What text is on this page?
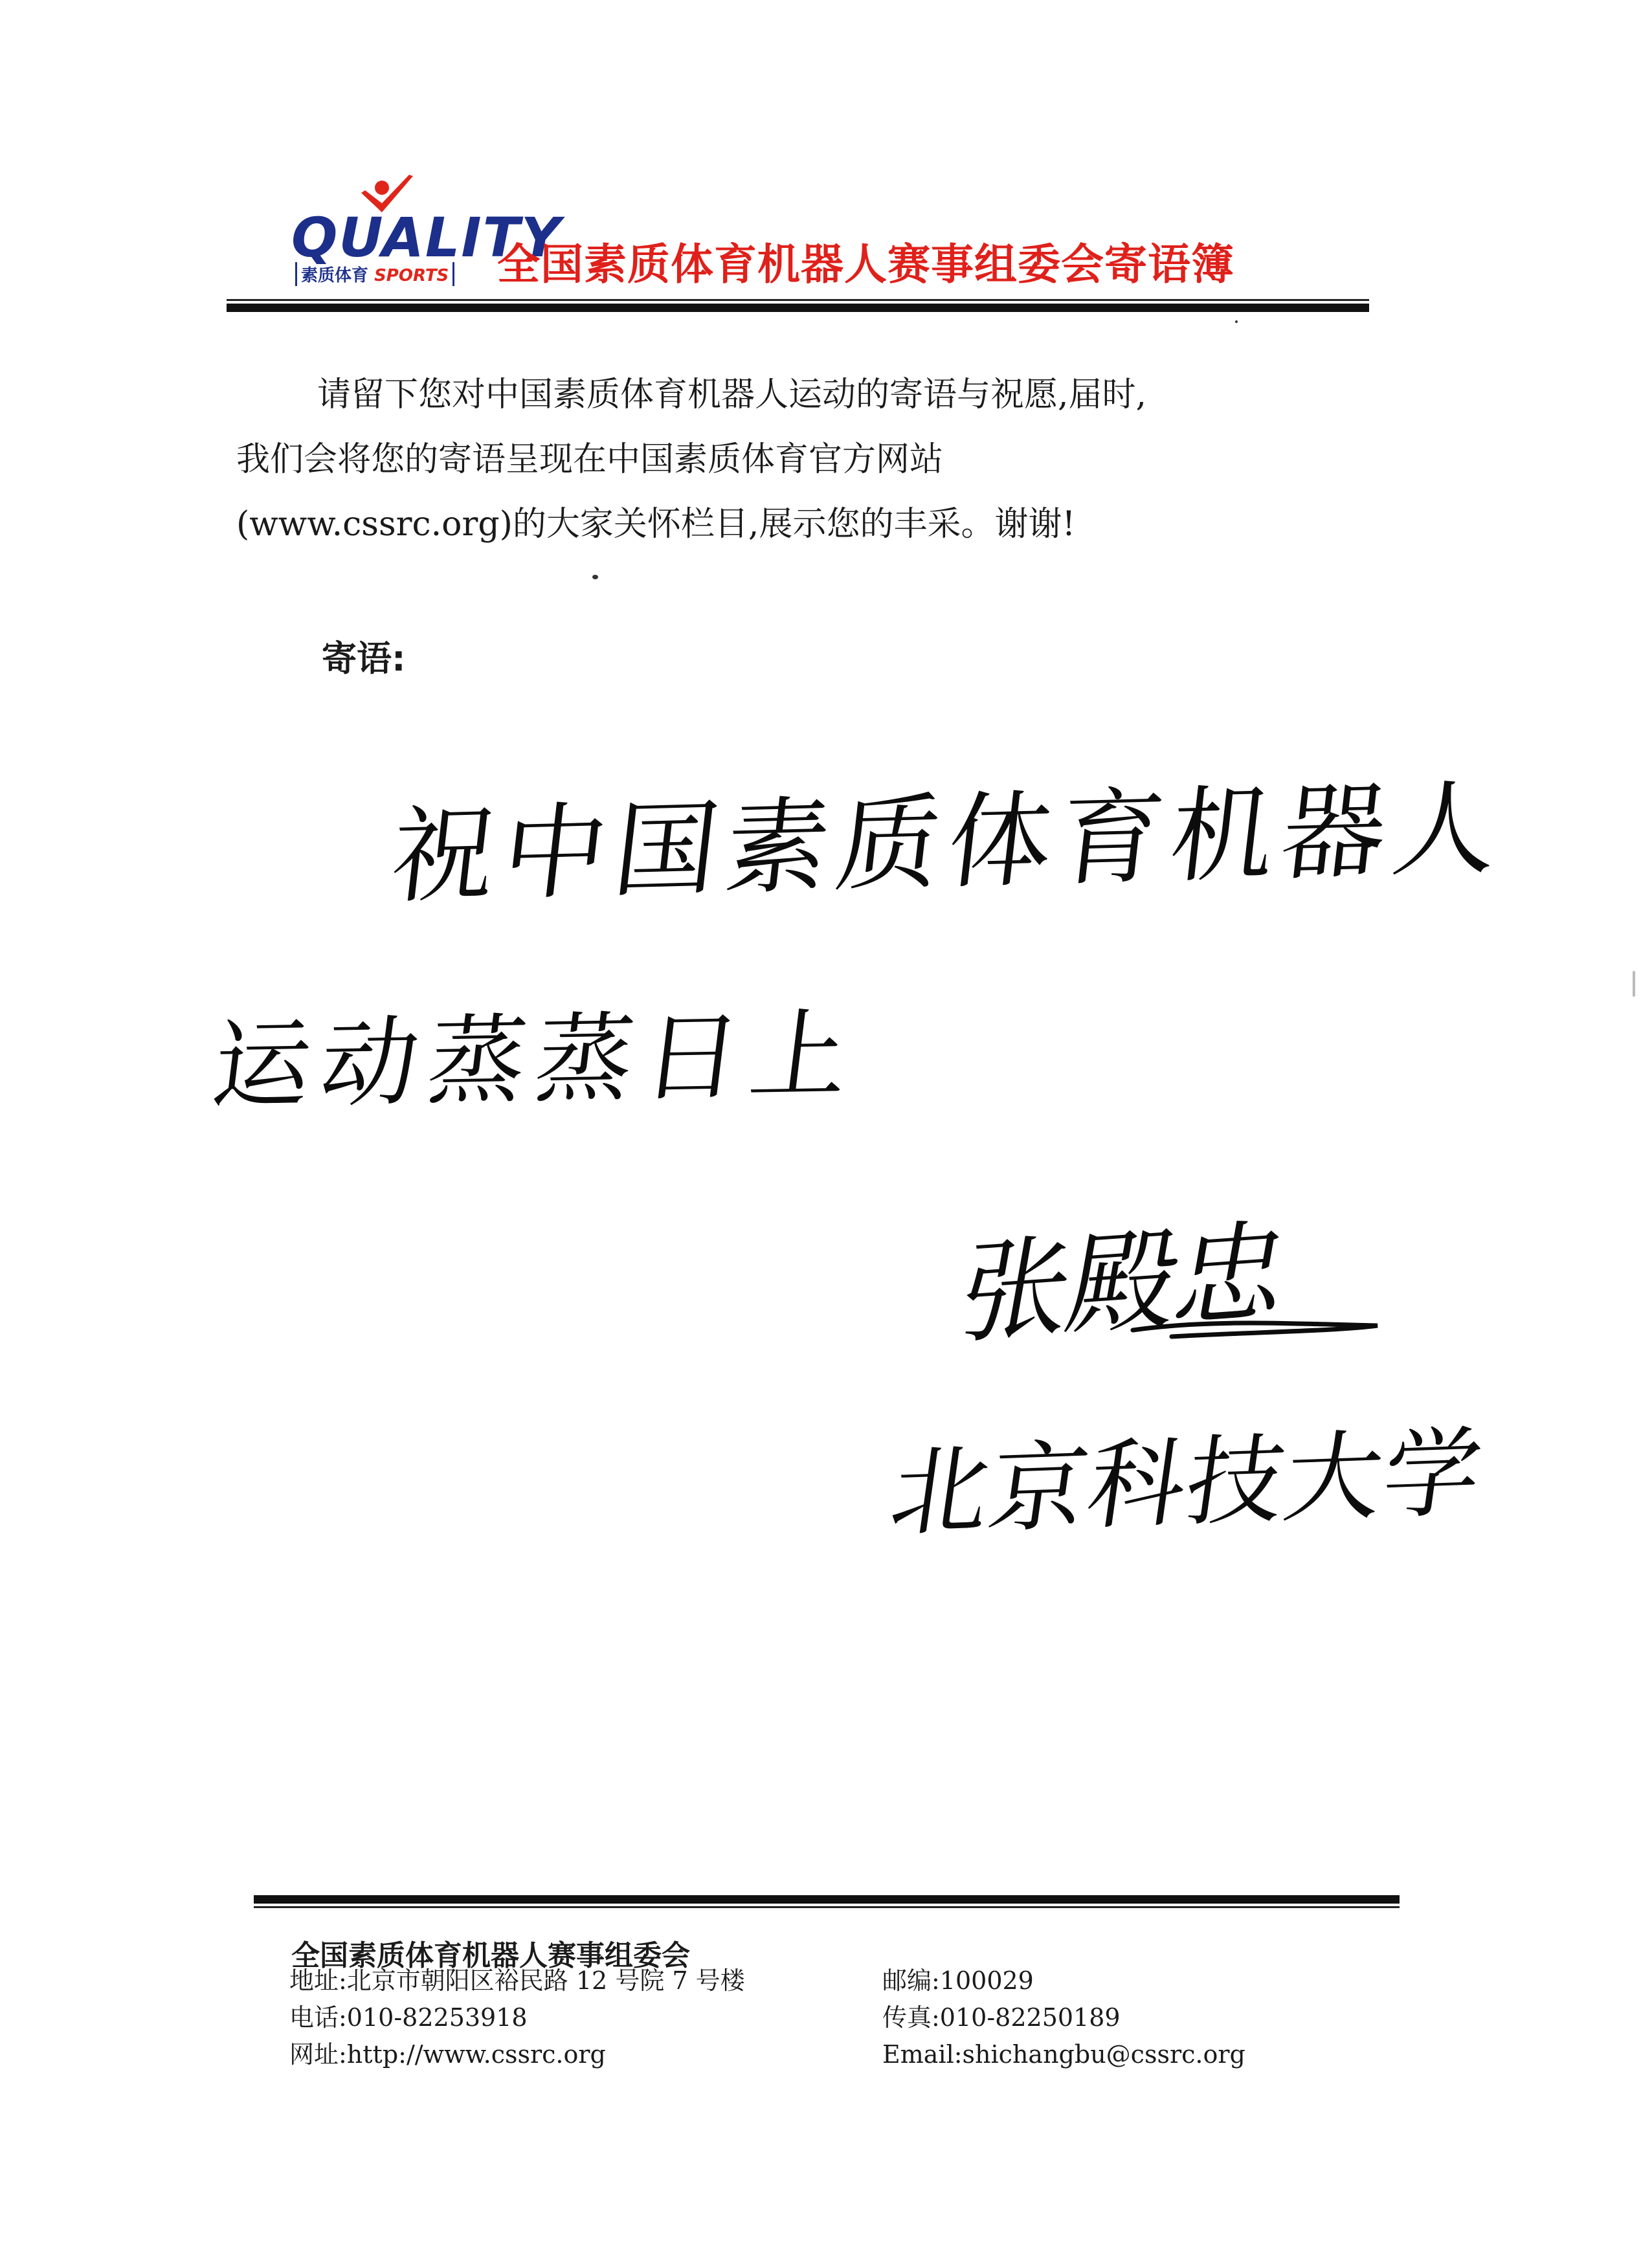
QUALITY
素质体育 SPORTS 全国素质体育机器人赛事组委会寄语簿

请留下您对中国素质体育机器人运动的寄语与祝愿,届时,

我们会将您的寄语呈现在中国素质体育官方网站

(www.cssrc.org)的大家关怀栏目,展示您的丰采。谢谢!

寄语:
祝中国素质体育机器人
运动蒸蒸日上
张殿忠
北京科技大学
全国素质体育机器人赛事组委会
地址:北京市朝阳区裕民路 12 号院 7 号楼
电话:010-82253918
网址:http://www.cssrc.org
邮编:100029
传真:010-82250189
Email:shichangbu@cssrc.org
